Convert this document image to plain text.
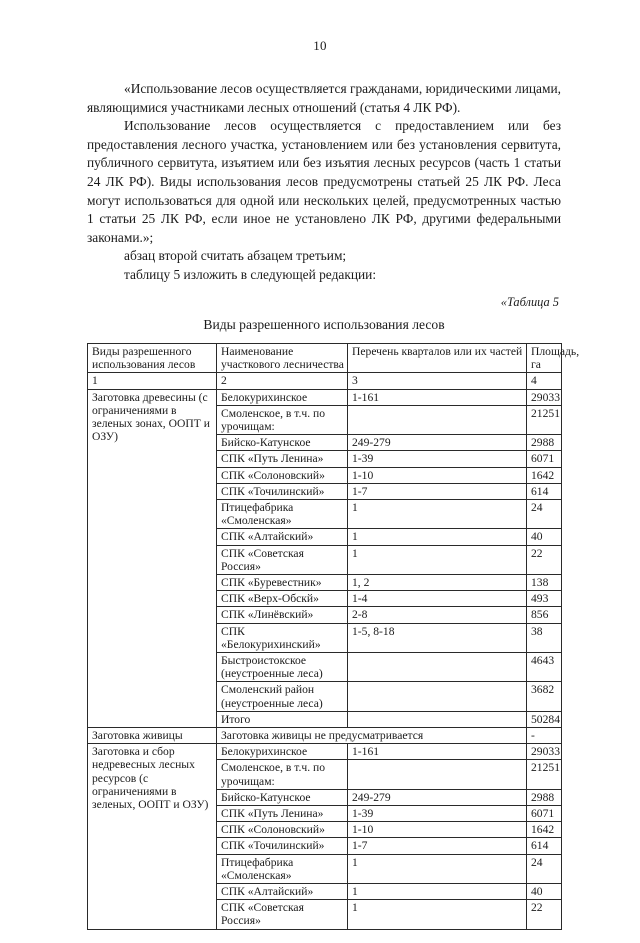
10

«Использование лесов осуществляется гражданами, юридическими лицами, являющимися участниками лесных отношений (статья 4 ЛК РФ).

Использование лесов осуществляется с предоставлением или без предоставления лесного участка, установлением или без установления сервитута, публичного сервитута, изъятием или без изъятия лесных ресурсов (часть 1 статьи 24 ЛК РФ). Виды использования лесов предусмотрены статьей 25 ЛК РФ. Леса могут использоваться для одной или нескольких целей, предусмотренных частью 1 статьи 25 ЛК РФ, если иное не установлено ЛК РФ, другими федеральными законами.»;

абзац второй считать абзацем третьим;

таблицу 5 изложить в следующей редакции:

«Таблица 5
Виды разрешенного использования лесов
Виды разрешенного использования лесов	Наименование участкового лесничества	Перечень кварталов или их частей	Площадь, га
1	2	3	4
Заготовка древесины (с ограничениями в зеленых зонах, ООПТ и ОЗУ)	Белокурихинское	1-161	29033
	Смоленское, в т.ч. по урочищам:		21251
	Бийско-Катунское	249-279	2988
	СПК «Путь Ленина»	1-39	6071
	СПК «Солоновский»	1-10	1642
	СПК «Точилинский»	1-7	614
	Птицефабрика «Смоленская»	1	24
	СПК «Алтайский»	1	40
	СПК «Советская Россия»	1	22
	СПК «Буревестник»	1, 2	138
	СПК «Верх-Обскй»	1-4	493
	СПК «Линёвский»	2-8	856
	СПК «Белокурихинский»	1-5, 8-18	38
	Быстроистокское (неустроенные леса)		4643
	Смоленский район (неустроенные леса)		3682
	Итого		50284
Заготовка живицы	Заготовка живицы не предусматривается		-
Заготовка и сбор недревесных лесных ресурсов (с ограничениями в зеленых, ООПТ и ОЗУ)	Белокурихинское	1-161	29033
	Смоленское, в т.ч. по урочищам:		21251
	Бийско-Катунское	249-279	2988
	СПК «Путь Ленина»	1-39	6071
	СПК «Солоновский»	1-10	1642
	СПК «Точилинский»	1-7	614
	Птицефабрика «Смоленская»	1	24
	СПК «Алтайский»	1	40
	СПК «Советская Россия»	1	22
